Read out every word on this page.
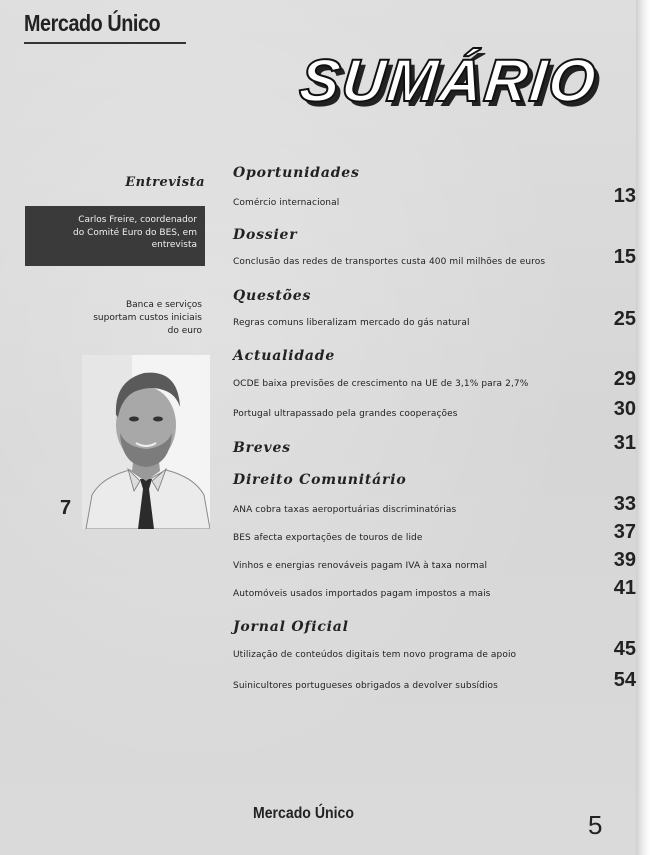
Mercado Único
SUMÁRIO
Entrevista
Carlos Freire, coordenador
do Comité Euro do BES, em
entrevista
Banca e serviços
suportam custos iniciais
do euro
7
Oportunidades
Comércio internacional	13
Dossier
Conclusão das redes de transportes custa 400 mil milhões de euros	15
Questões
Regras comuns liberalizam mercado do gás natural	25
Actualidade
OCDE baixa previsões de crescimento na UE de 3,1% para 2,7%	29
Portugal ultrapassado pela grandes cooperações	30
Breves	31
Direito Comunitário
ANA cobra taxas aeroportuárias discriminatórias	33
BES afecta exportações de touros de lide	37
Vinhos e energias renováveis pagam IVA à taxa normal	39
Automóveis usados importados pagam impostos a mais	41
Jornal Oficial
Utilização de conteúdos digitais tem novo programa de apoio	45
Suinicultores portugueses obrigados a devolver subsídios	54
Mercado Único	5
